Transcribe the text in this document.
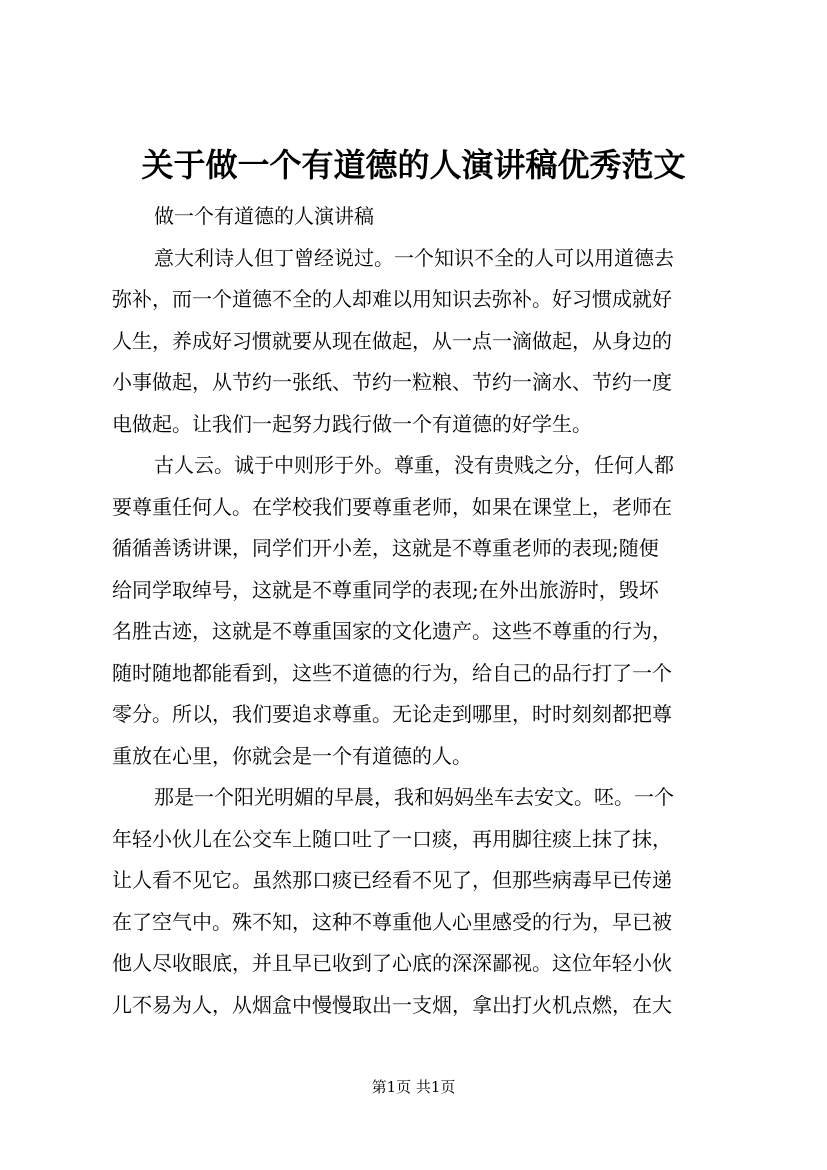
关于做一个有道德的人演讲稿优秀范文
做一个有道德的人演讲稿
意大利诗人但丁曾经说过。一个知识不全的人可以用道德去
弥补，而一个道德不全的人却难以用知识去弥补。好习惯成就好
人生，养成好习惯就要从现在做起，从一点一滴做起，从身边的
小事做起，从节约一张纸、节约一粒粮、节约一滴水、节约一度
电做起。让我们一起努力践行做一个有道德的好学生。
古人云。诚于中则形于外。尊重，没有贵贱之分，任何人都
要尊重任何人。在学校我们要尊重老师，如果在课堂上，老师在
循循善诱讲课，同学们开小差，这就是不尊重老师的表现;随便
给同学取绰号，这就是不尊重同学的表现;在外出旅游时，毁坏
名胜古迹，这就是不尊重国家的文化遗产。这些不尊重的行为，
随时随地都能看到，这些不道德的行为，给自己的品行打了一个
零分。所以，我们要追求尊重。无论走到哪里，时时刻刻都把尊
重放在心里，你就会是一个有道德的人。
那是一个阳光明媚的早晨，我和妈妈坐车去安文。呸。一个
年轻小伙儿在公交车上随口吐了一口痰，再用脚往痰上抹了抹，
让人看不见它。虽然那口痰已经看不见了，但那些病毒早已传递
在了空气中。殊不知，这种不尊重他人心里感受的行为，早已被
他人尽收眼底，并且早已收到了心底的深深鄙视。这位年轻小伙
儿不易为人，从烟盒中慢慢取出一支烟，拿出打火机点燃，在大
第1页 共1页
